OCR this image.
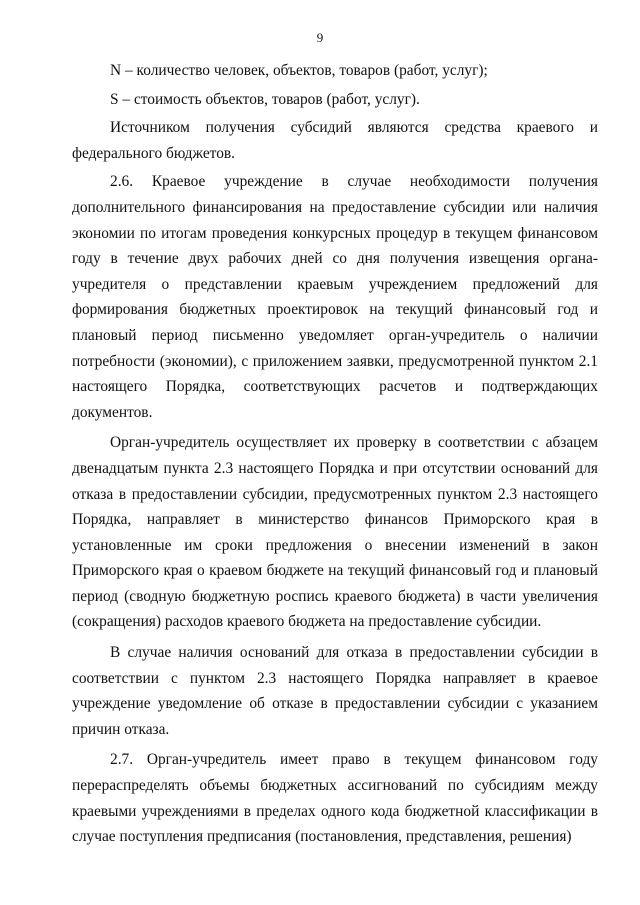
9

N – количество человек, объектов, товаров (работ, услуг);

S – стоимость объектов, товаров (работ, услуг).

Источником получения субсидий являются средства краевого и федерального бюджетов.

2.6. Краевое учреждение в случае необходимости получения дополнительного финансирования на предоставление субсидии или наличия экономии по итогам проведения конкурсных процедур в текущем финансовом году в течение двух рабочих дней со дня получения извещения органа-учредителя о представлении краевым учреждением предложений для формирования бюджетных проектировок на текущий финансовый год и плановый период письменно уведомляет орган-учредитель о наличии потребности (экономии), с приложением заявки, предусмотренной пунктом 2.1 настоящего Порядка, соответствующих расчетов и подтверждающих документов.

Орган-учредитель осуществляет их проверку в соответствии с абзацем двенадцатым пункта 2.3 настоящего Порядка и при отсутствии оснований для отказа в предоставлении субсидии, предусмотренных пунктом 2.3 настоящего Порядка, направляет в министерство финансов Приморского края в установленные им сроки предложения о внесении изменений в закон Приморского края о краевом бюджете на текущий финансовый год и плановый период (сводную бюджетную роспись краевого бюджета) в части увеличения (сокращения) расходов краевого бюджета на предоставление субсидии.

В случае наличия оснований для отказа в предоставлении субсидии в соответствии с пунктом 2.3 настоящего Порядка направляет в краевое учреждение уведомление об отказе в предоставлении субсидии с указанием причин отказа.

2.7. Орган-учредитель имеет право в текущем финансовом году перераспределять объемы бюджетных ассигнований по субсидиям между краевыми учреждениями в пределах одного кода бюджетной классификации в случае поступления предписания (постановления, представления, решения)
